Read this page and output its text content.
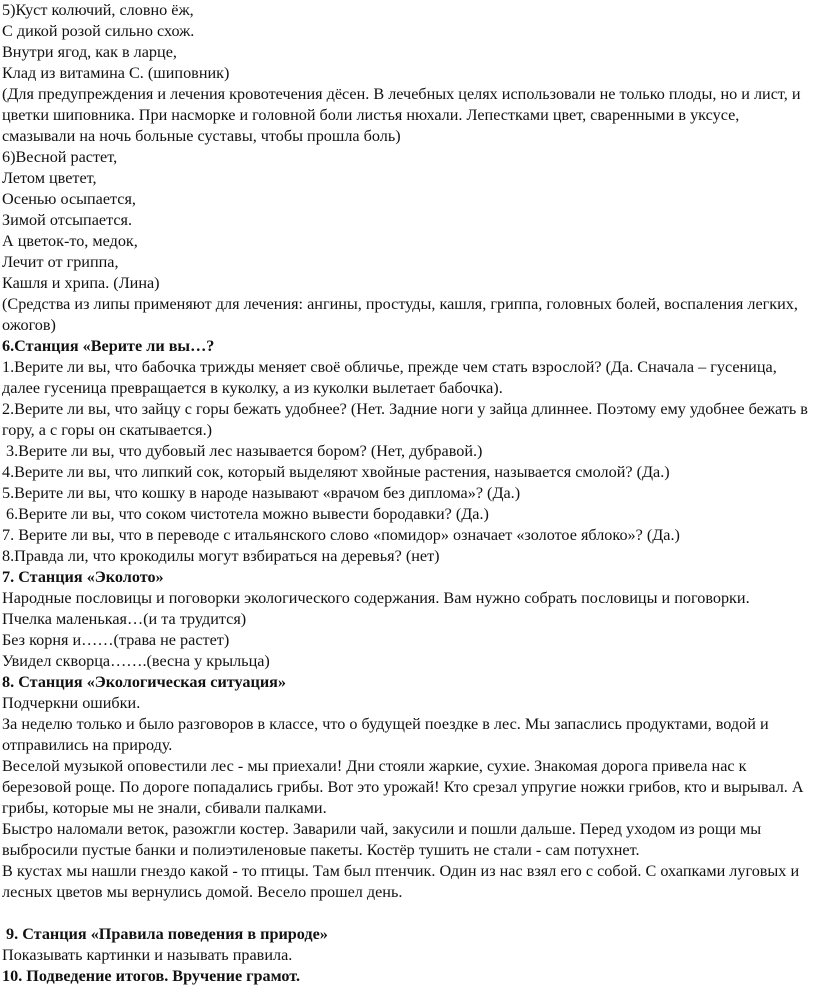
5)Куст колючий, словно ёж,

С дикой розой сильно схож.

Внутри ягод, как в ларце,

Клад из витамина С. (шиповник)

(Для предупреждения и лечения кровотечения дёсен. В лечебных целях использовали не только плоды, но и лист, и цветки шиповника. При насморке и головной боли листья нюхали. Лепестками цвет, сваренными в уксусе, смазывали на ночь больные суставы, чтобы прошла боль)

6)Весной растет,

Летом цветет,

Осенью осыпается,

Зимой отсыпается.

А цветок-то, медок,

Лечит от гриппа,

Кашля и хрипа. (Лина)

(Средства из липы применяют для лечения: ангины, простуды, кашля, гриппа, головных болей, воспаления легких, ожогов)

6.Станция «Верите ли вы…?

1.Верите ли вы, что бабочка трижды меняет своё обличье, прежде чем стать взрослой? (Да. Сначала – гусеница, далее гусеница превращается в куколку, а из куколки вылетает бабочка).

2.Верите ли вы, что зайцу с горы бежать удобнее? (Нет. Задние ноги у зайца длиннее. Поэтому ему удобнее бежать в гору, а с горы он скатывается.)

3.Верите ли вы, что дубовый лес называется бором? (Нет, дубравой.)

4.Верите ли вы, что липкий сок, который выделяют хвойные растения, называется смолой? (Да.)

5.Верите ли вы, что кошку в народе называют «врачом без диплома»? (Да.)

6.Верите ли вы, что соком чистотела можно вывести бородавки? (Да.)

7. Верите ли вы, что в переводе с итальянского слово «помидор» означает «золотое яблоко»? (Да.)

8.Правда ли, что крокодилы могут взбираться на деревья? (нет)

7. Станция «Эколото»

Народные пословицы и поговорки экологического содержания. Вам нужно собрать пословицы и поговорки.

Пчелка маленькая…(и та трудится)

Без корня и……(трава не растет)

Увидел скворца…….(весна у крыльца)

8. Станция «Экологическая ситуация»

Подчеркни ошибки.

За неделю только и было разговоров в классе, что о будущей поездке в лес. Мы запаслись продуктами, водой и отправились на природу.

Веселой музыкой оповестили лес - мы приехали! Дни стояли жаркие, сухие. Знакомая дорога привела нас к березовой роще. По дороге попадались грибы. Вот это урожай! Кто срезал упругие ножки грибов, кто и вырывал. А грибы, которые мы не знали, сбивали палками.

Быстро наломали веток, разожгли костер. Заварили чай, закусили и пошли дальше. Перед уходом из рощи мы выбросили пустые банки и полиэтиленовые пакеты. Костёр тушить не стали - сам потухнет.

В кустах мы нашли гнездо какой - то птицы. Там был птенчик. Один из нас взял его с собой. С охапками луговых и лесных цветов мы вернулись домой. Весело прошел день.

9. Станция «Правила поведения в природе»

Показывать картинки и называть правила.

10. Подведение итогов. Вручение грамот.
